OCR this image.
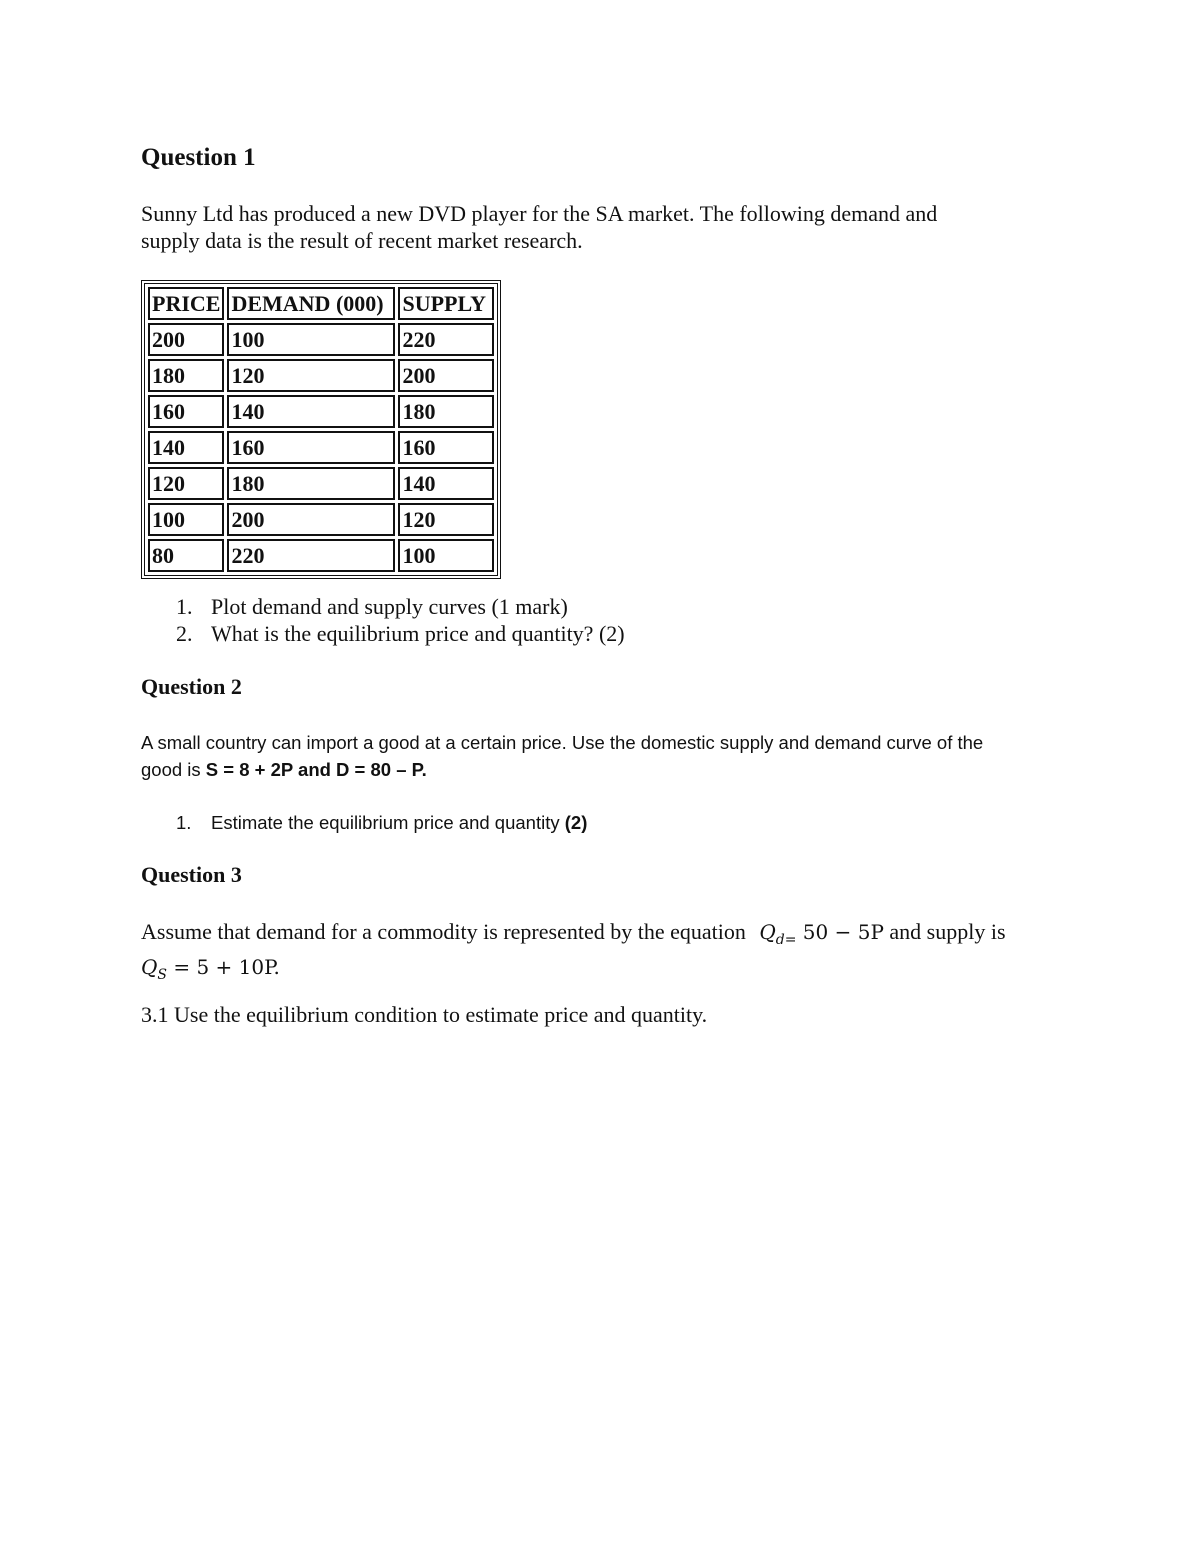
Question 1
Sunny Ltd has produced a new DVD player for the SA market. The following demand and
supply data is the result of recent market research.
PRICE	DEMAND (000)	SUPPLY
200	100	220
180	120	200
160	140	180
140	160	160
120	180	140
100	200	120
80	220	100
1. Plot demand and supply curves (1 mark)
2. What is the equilibrium price and quantity? (2)
Question 2
A small country can import a good at a certain price. Use the domestic supply and demand curve of the
good is S = 8 + 2P and D = 80 – P.
1. Estimate the equilibrium price and quantity (2)
Question 3
Assume that demand for a commodity is represented by the equation $Q_{d=}$ 50 − 5P and supply is
$Q_S = 5 + 10P$.
3.1 Use the equilibrium condition to estimate price and quantity.
